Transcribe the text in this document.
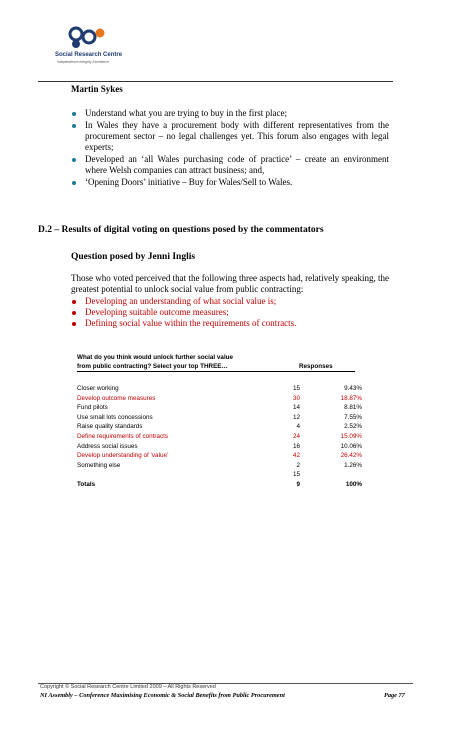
Social Research Centre
Independence Integrity Excellence
Martin Sykes
Understand what you are trying to buy in the first place;
In Wales they have a procurement body with different representatives from the procurement sector – no legal challenges yet. This forum also engages with legal experts;
Developed an ‘all Wales purchasing code of practice’ – create an environment where Welsh companies can attract business; and,
‘Opening Doors’ initiative – Buy for Wales/Sell to Wales.
D.2 – Results of digital voting on questions posed by the commentators
Question posed by Jenni Inglis
Those who voted perceived that the following three aspects had, relatively speaking, the greatest potential to unlock social value from public contracting:
Developing an understanding of what social value is;
Developing suitable outcome measures;
Defining social value within the requirements of contracts.
What do you think would unlock further social value
from public contracting? Select your top THREE…	Responses
Closer working	15	9.43%
Develop outcome measures	30	18.87%
Fund pilots	14	8.81%
Use small lots concessions	12	7.55%
Raise quality standards	4	2.52%
Define requirements of contracts	24	15.09%
Address social issues	16	10.06%
Develop understanding of ‘value’	42	26.42%
Something else	2	1.26%
15
Totals	9	100%
Copyright © Social Research Centre Limited 2009 – All Rights Reserved
NI Assembly – Conference Maximising Economic & Social Benefits from Public Procurement	Page 77
